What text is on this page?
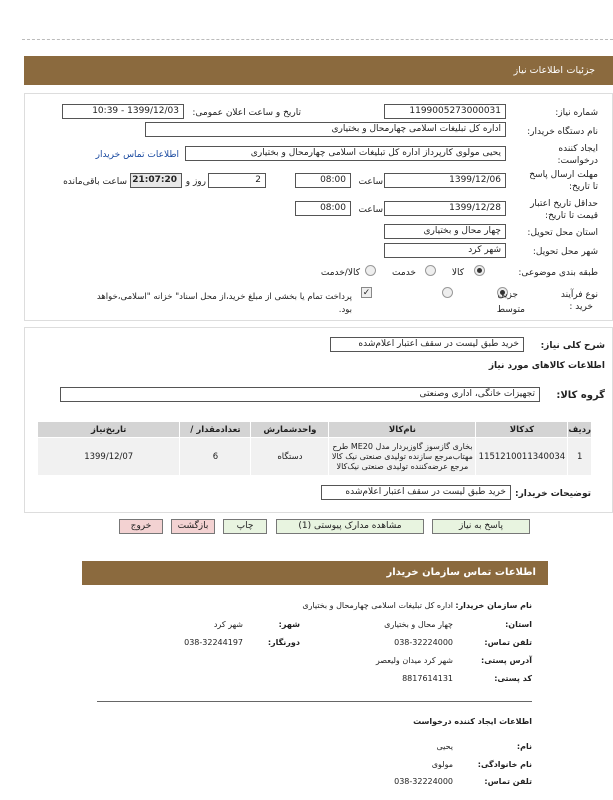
جزئیات
اطلاعات نیاز
شماره نیاز:
1199005273000031
تاریخ و ساعت اعلان عمومی:
1399/12/03 - 10:39
نام دستگاه خریدار:
اداره کل تبلیغات اسلامی چهارمحال و بختیاری
ایجاد کننده
درخواست:
یحیی مولوی کارپرداز اداره کل تبلیغات اسلامی چهارمحال و بختیاری
اطلاعات تماس خریدار
مهلت ارسال پاسخ
تا تاریخ:
1399/12/06
ساعت
08:00
2
روز و
21:07:20
ساعت باقی‌مانده
حداقل تاریخ اعتبار
قیمت تا تاریخ:
1399/12/28
ساعت
08:00
استان محل تحویل:
چهار محال و بختیاری
شهر محل تحویل:
شهر کرد
طبقه بندی موضوعی:
کالا
خدمت
کالا/خدمت
نوع فرآیند
خرید :
جزیی
متوسط
✓
پرداخت تمام یا بخشی از مبلغ خرید،از محل اسناد" خزانه "اسلامی،خواهد
بود.
شرح کلی نیاز:
خرید طبق لیست در سقف اعتبار اعلام‌شده
اطلاعات کالاهای مورد نیاز
گروه کالا:
تجهیزات خانگی، اداری وصنعتی
ردیف	کدکالا	نام‌کالا	واحدشمارش	تعدادمقدار /	تاریخ‌نیاز
1	1151210011340034	بخاری گازسوز گاوزبردار مدل ME20 طرح مهتاب‌مرجع سازنده تولیدی صنعتی نیک کالا مرجع عرضه‌کننده تولیدی صنعتی نیک‌کالا	دستگاه	6	1399/12/07
توضیحات خریدار:
خرید طبق لیست در سقف اعتبار اعلام‌شده
پاسخ به نیاز
مشاهده مدارک پیوستی (1)
چاپ
بازگشت
خروج
اطلاعات تماس سازمان خریدار
نام سازمان خریدار:
اداره کل تبلیغات اسلامی چهارمحال و بختیاری
استان:
چهار محال و بختیاری
شهر:
شهر کرد
تلفن تماس:
038-32224000
دورنگار:
038-32244197
آدرس پستی:
شهر کرد میدان ولیعصر
کد پستی:
8817614131
اطلاعات ایجاد کننده درخواست
نام:
یحیی
نام خانوادگی:
مولوی
تلفن تماس:
038-32224000
